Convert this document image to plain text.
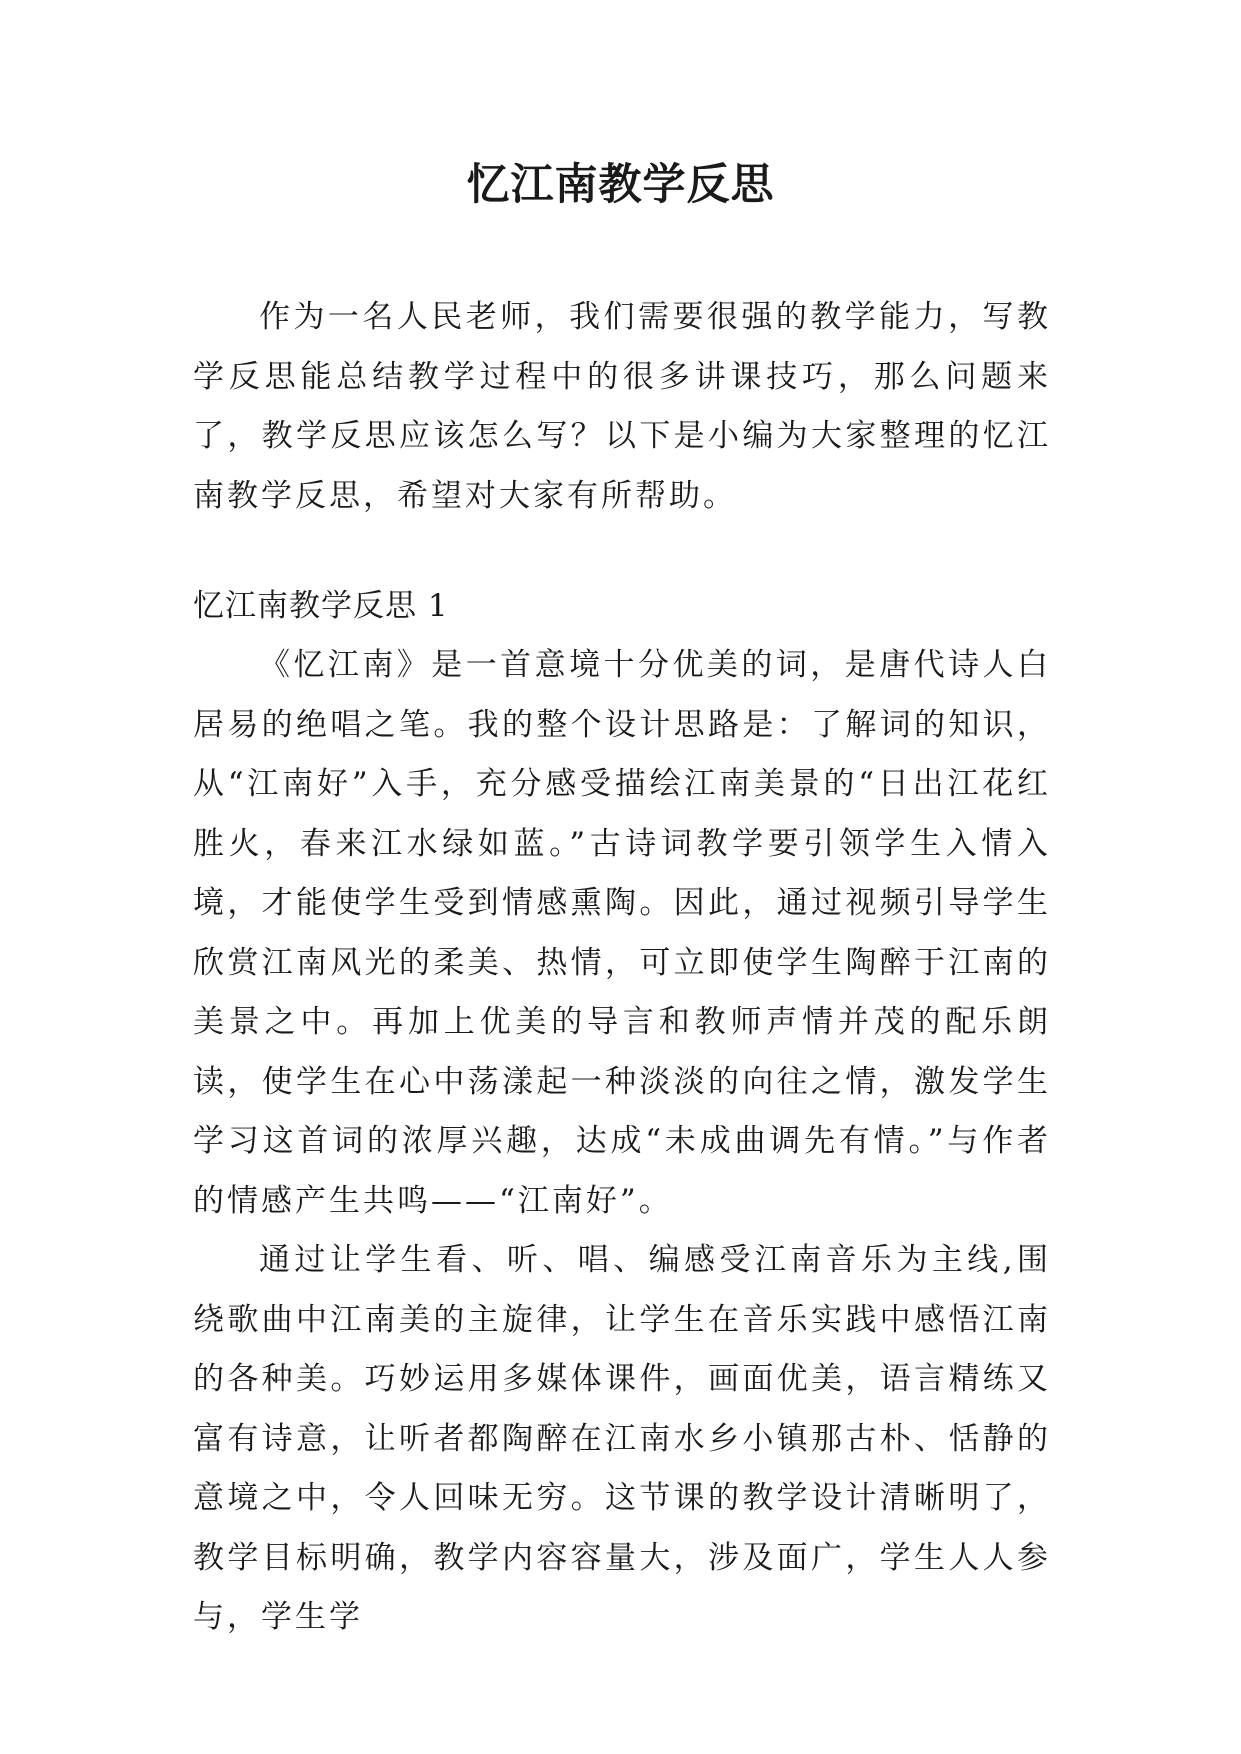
忆江南教学反思

作为一名人民老师，我们需要很强的教学能力，写教学反思能总结教学过程中的很多讲课技巧，那么问题来了，教学反思应该怎么写？以下是小编为大家整理的忆江南教学反思，希望对大家有所帮助。

忆江南教学反思 1

《忆江南》是一首意境十分优美的词，是唐代诗人白居易的绝唱之笔。我的整个设计思路是：了解词的知识，从“江南好”入手，充分感受描绘江南美景的“日出江花红胜火，春来江水绿如蓝。”古诗词教学要引领学生入情入境，才能使学生受到情感熏陶。因此，通过视频引导学生欣赏江南风光的柔美、热情，可立即使学生陶醉于江南的美景之中。再加上优美的导言和教师声情并茂的配乐朗读，使学生在心中荡漾起一种淡淡的向往之情，激发学生学习这首词的浓厚兴趣，达成“未成曲调先有情。”与作者的情感产生共鸣——“江南好”。

通过让学生看、听、唱、编感受江南音乐为主线,围绕歌曲中江南美的主旋律，让学生在音乐实践中感悟江南的各种美。巧妙运用多媒体课件，画面优美，语言精练又富有诗意，让听者都陶醉在江南水乡小镇那古朴、恬静的意境之中，令人回味无穷。这节课的教学设计清晰明了，教学目标明确，教学内容容量大，涉及面广，学生人人参与，学生学
